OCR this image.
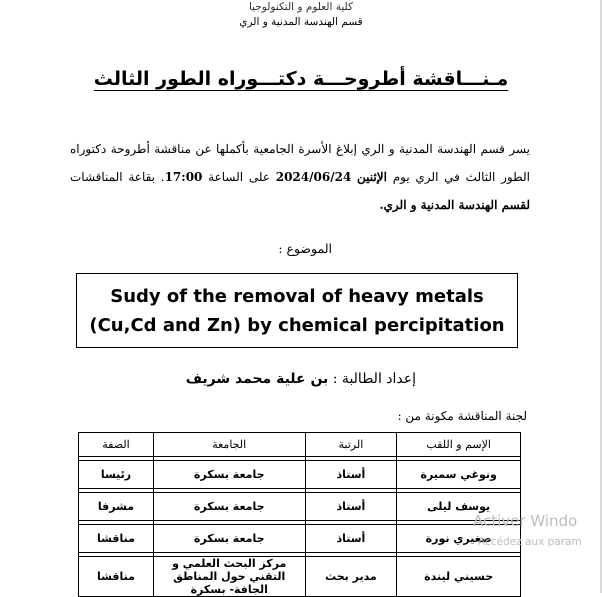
كلية العلوم و التكنولوجيا
قسم الهندسة المدنية و الري
مـنـــاقشة أطروحـــة دكتـــوراه الطور الثالث
يسر قسم الهندسة المدنية و الري إبلاغ الأسرة الجامعية بأكملها عن مناقشة أطروحة دكتوراه الطور الثالث في الري يوم الإثنين 2024/06/24 على الساعة 17:00. بقاعة المناقشات لقسم الهندسة المدنية و الري.
الموضوع :
Sudy of the removal of heavy metals
(Cu,Cd and Zn) by chemical percipitation
إعداد الطالبة : بن علية محمد شريف
لجنة المناقشة مكونة من :
الإسم و اللقب	الرتبة	الجامعة	الصفة

ونوغي سميرة	أستاذ	جامعة بسكرة	رئيسا

يوسف ليلى	أستاذ	جامعة بسكرة	مشرفا

صغيري نورة	أستاذ	جامعة بسكرة	مناقشا

حسيني ليندة	مدير بحث	مركز البحث العلمي و التقني حول المناطق الجافة- بسكرة	مناقشا
Activer Windo
Accédez aux param
